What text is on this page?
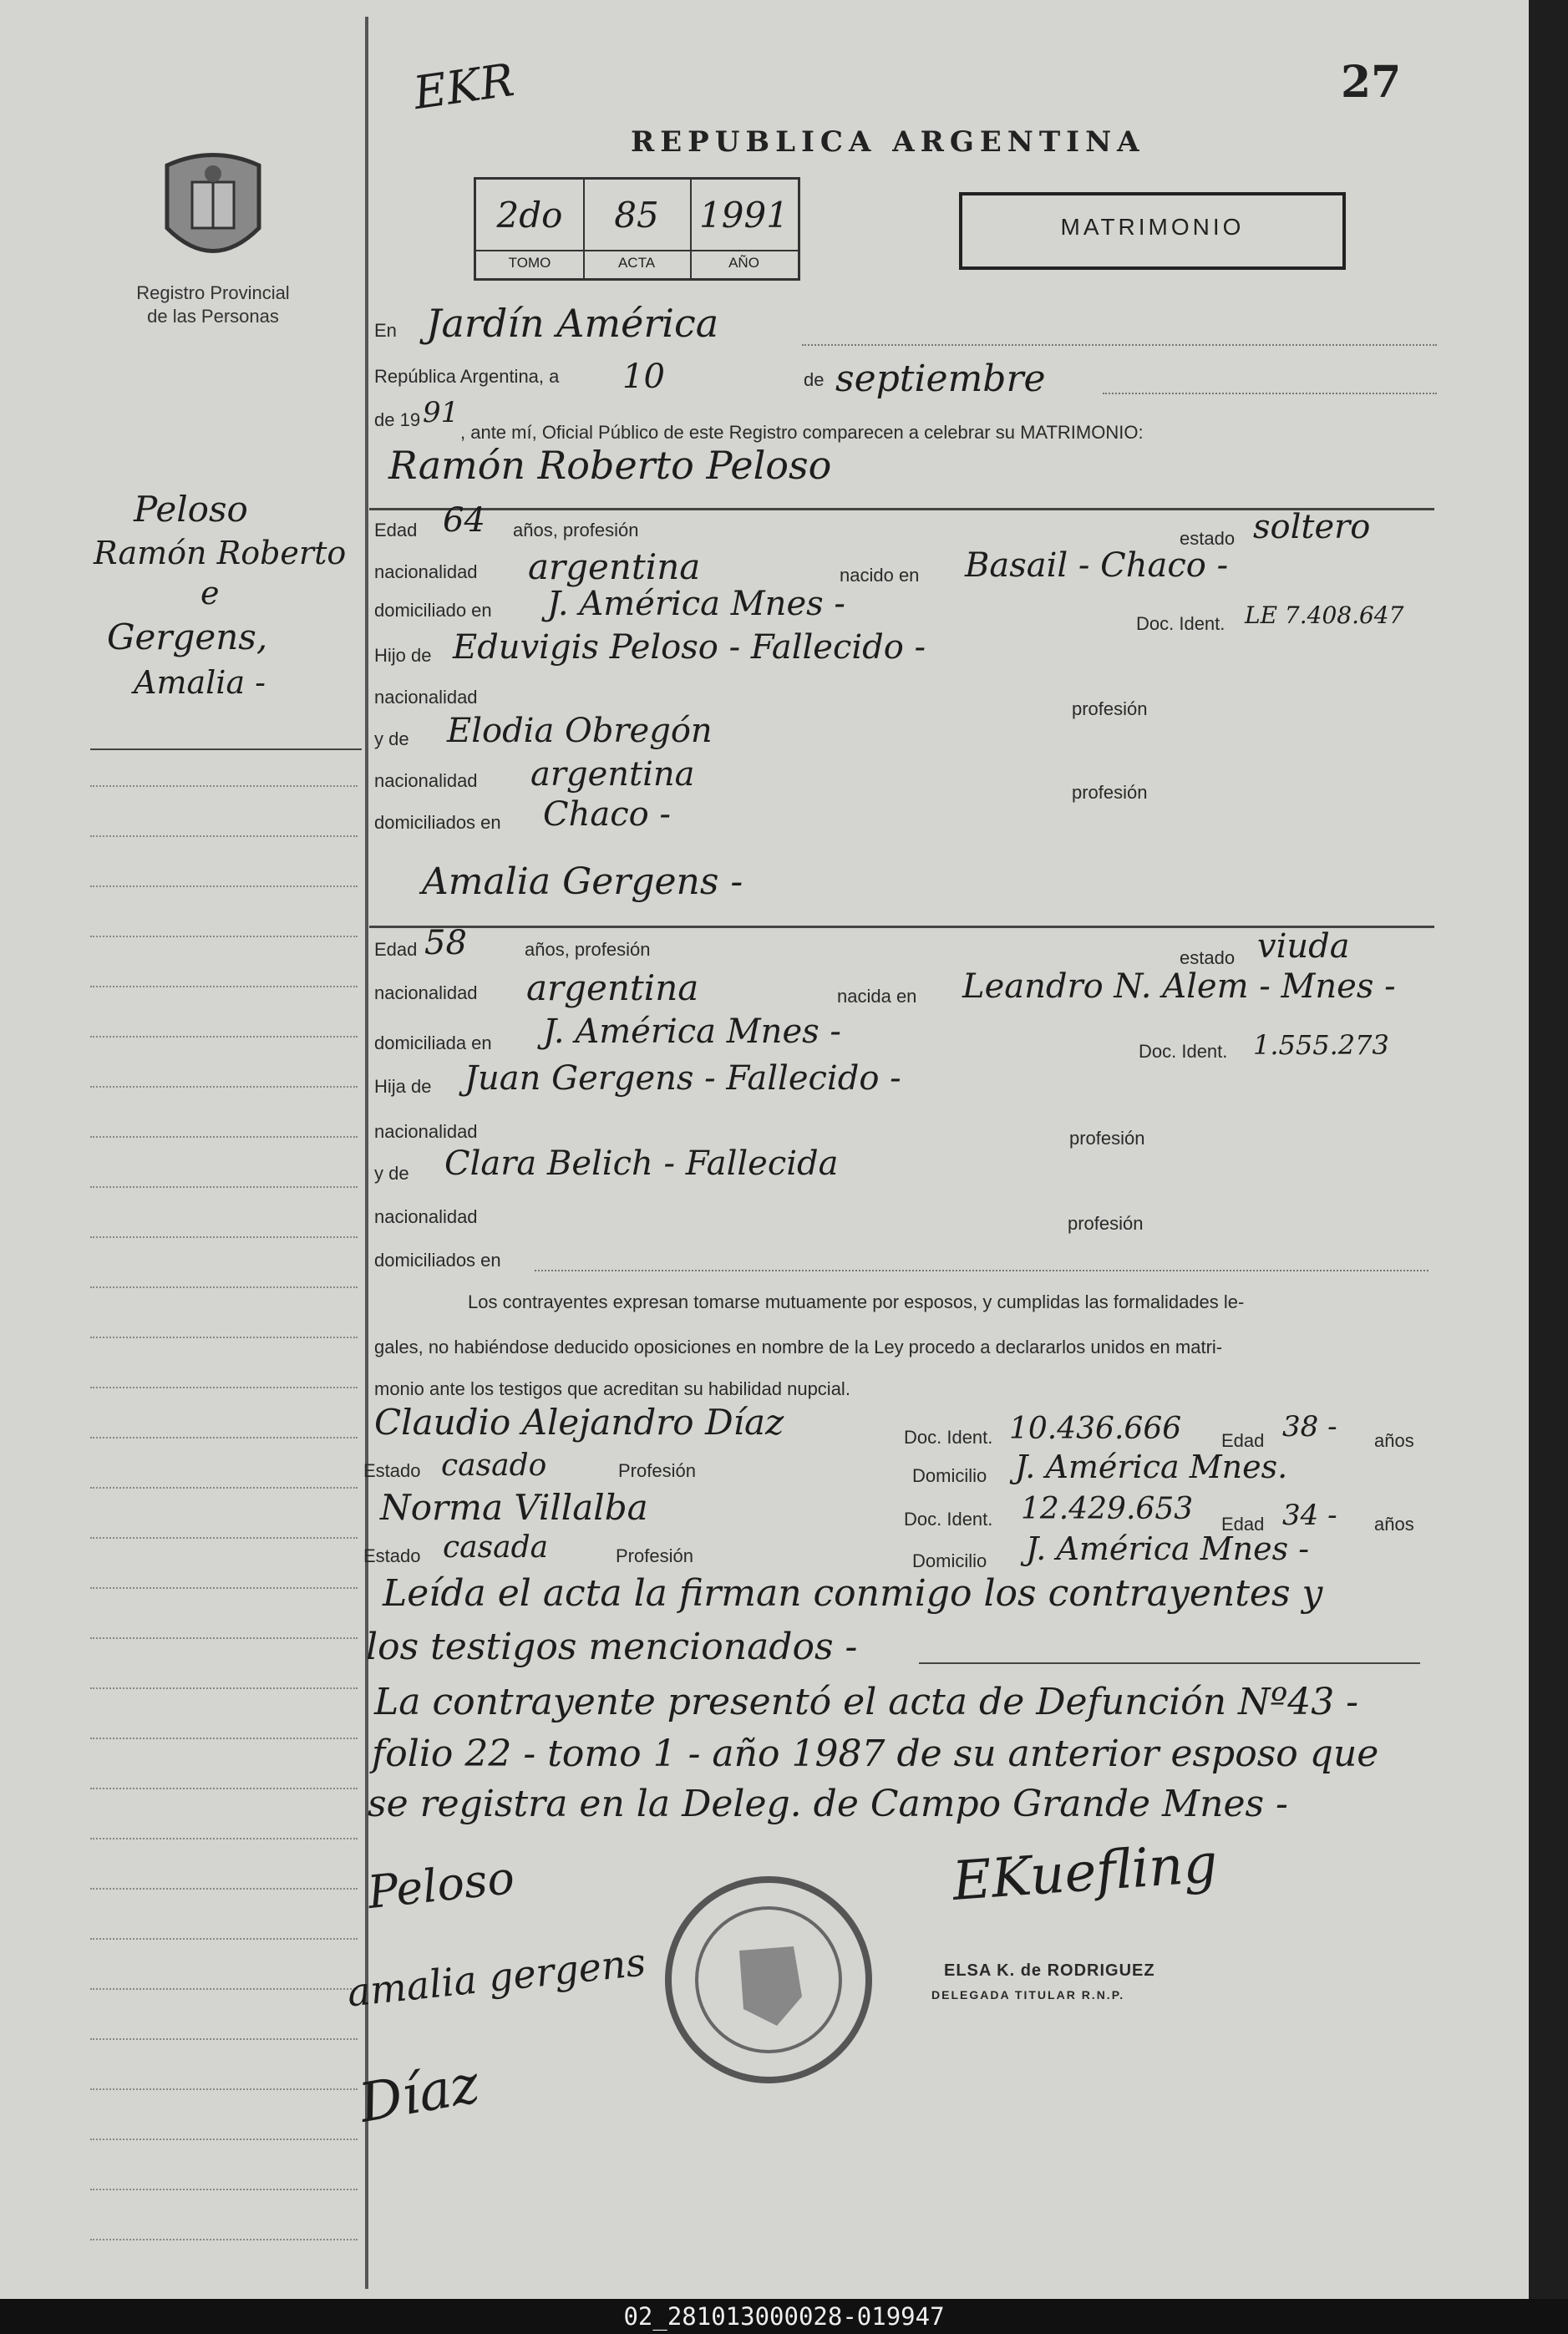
EKR	27
REPUBLICA ARGENTINA
Registro Provincial
de las Personas
2do
TOMO
85
ACTA
1991
AÑO
MATRIMONIO
Peloso
Ramón Roberto
e
Gergens,
Amalia -
En Jardín América
República Argentina, a 10	de septiembre
de 19 91
, ante mí, Oficial Público de este Registro comparecen a celebrar su MATRIMONIO:
Ramón Roberto Peloso
Edad 64 años, profesión	estado soltero
nacionalidad argentina	nacido en Basail - Chaco -
domiciliado en J. América Mnes -
Doc. Ident. LE 7.408.647
Hijo de Eduvigis Peloso - Fallecido -
nacionalidad
profesión
y de Elodia Obregón
nacionalidad argentina	profesión
domiciliados en Chaco -
Amalia Gergens -
Edad 58	años, profesión	estado viuda
nacionalidad argentina	nacida en Leandro N. Alem - Mnes -
domiciliada en J. América Mnes -
Doc. Ident. 1.555.273
Hija de Juan Gergens - Fallecido -
nacionalidad	profesión
y de Clara Belich - Fallecida
nacionalidad	profesión
domiciliados en
Los contrayentes expresan tomarse mutuamente por esposos, y cumplidas las formalidades le-
gales, no habiéndose deducido oposiciones en nombre de la Ley procedo a declararlos unidos en matri-
monio ante los testigos que acreditan su habilidad nupcial.
Claudio Alejandro Díaz	Doc. Ident. 10.436.666 Edad 38 - años
Estado casado	Profesión	Domicilio J. América Mnes.
Norma Villalba	Doc. Ident. 12.429.653 Edad 34 - años
Estado casada	Profesión	Domicilio J. América Mnes -
Leída el acta la firman conmigo los contrayentes y
los testigos mencionados -
La contrayente presentó el acta de Defunción Nº43 -
folio 22 - tomo 1 - año 1987 de su anterior esposo que
se registra en la Deleg. de Campo Grande Mnes -
Peloso
amalia gergens
Díaz
EKuefling
ELSA K. de RODRIGUEZ
DELEGADA TITULAR R.N.P.
02_281013000028-019947
